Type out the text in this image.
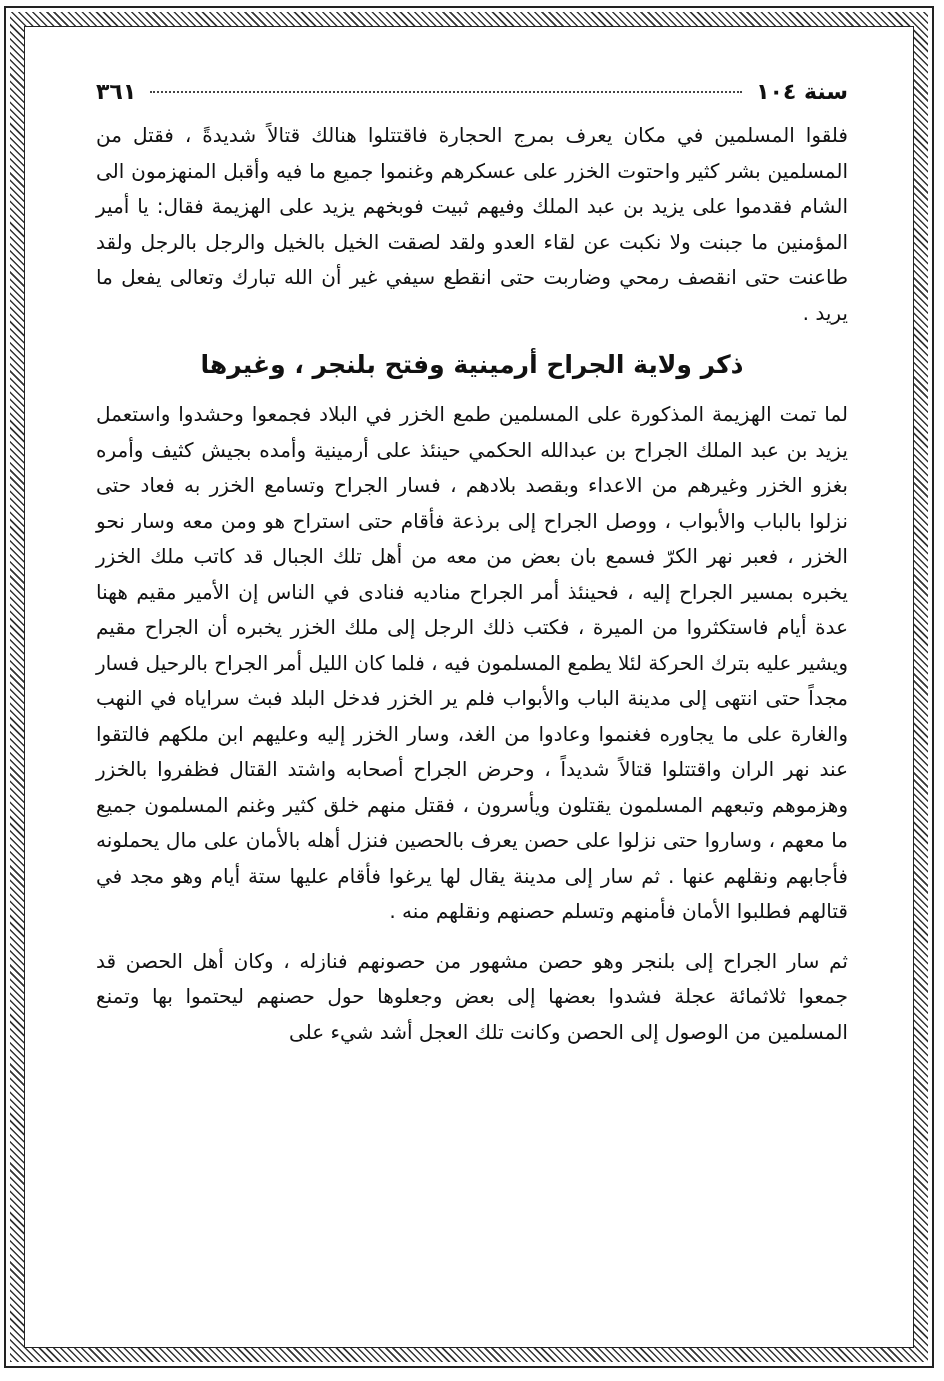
سنة ١٠٤
٣٦١

فلقوا المسلمين في مكان يعرف بمرج الحجارة فاقتتلوا هنالك قتالاً شديدةً ، فقتل من المسلمين بشر كثير واحتوت الخزر على عسكرهم وغنموا جميع ما فيه وأقبل المنهزمون الى الشام فقدموا على يزيد بن عبد الملك وفيهم ثبيت فوبخهم يزيد على الهزيمة فقال: يا أمير المؤمنين ما جبنت ولا نكبت عن لقاء العدو ولقد لصقت الخيل بالخيل والرجل بالرجل ولقد طاعنت حتى انقصف رمحي وضاربت حتى انقطع سيفي غير أن الله تبارك وتعالى يفعل ما يريد .

ذكر ولاية الجراح أرمينية وفتح بلنجر ، وغيرها

لما تمت الهزيمة المذكورة على المسلمين طمع الخزر في البلاد فجمعوا وحشدوا واستعمل يزيد بن عبد الملك الجراح بن عبدالله الحكمي حينئذ على أرمينية وأمده بجيش كثيف وأمره بغزو الخزر وغيرهم من الاعداء وبقصد بلادهم ، فسار الجراح وتسامع الخزر به فعاد حتى نزلوا بالباب والأبواب ، ووصل الجراح إلى برذعة فأقام حتى استراح هو ومن معه وسار نحو الخزر ، فعبر نهر الكرّ فسمع بان بعض من معه من أهل تلك الجبال قد كاتب ملك الخزر يخبره بمسير الجراح إليه ، فحينئذ أمر الجراح مناديه فنادى في الناس إن الأمير مقيم ههنا عدة أيام فاستكثروا من الميرة ، فكتب ذلك الرجل إلى ملك الخزر يخبره أن الجراح مقيم ويشير عليه بترك الحركة لئلا يطمع المسلمون فيه ، فلما كان الليل أمر الجراح بالرحيل فسار مجداً حتى انتهى إلى مدينة الباب والأبواب فلم ير الخزر فدخل البلد فبث سراياه في النهب والغارة على ما يجاوره فغنموا وعادوا من الغد، وسار الخزر إليه وعليهم ابن ملكهم فالتقوا عند نهر الران واقتتلوا قتالاً شديداً ، وحرض الجراح أصحابه واشتد القتال فظفروا بالخزر وهزموهم وتبعهم المسلمون يقتلون ويأسرون ، فقتل منهم خلق كثير وغنم المسلمون جميع ما معهم ، وساروا حتى نزلوا على حصن يعرف بالحصين فنزل أهله بالأمان على مال يحملونه فأجابهم ونقلهم عنها . ثم سار إلى مدينة يقال لها يرغوا فأقام عليها ستة أيام وهو مجد في قتالهم فطلبوا الأمان فأمنهم وتسلم حصنهم ونقلهم منه .

ثم سار الجراح إلى بلنجر وهو حصن مشهور من حصونهم فنازله ، وكان أهل الحصن قد جمعوا ثلاثمائة عجلة فشدوا بعضها إلى بعض وجعلوها حول حصنهم ليحتموا بها وتمنع المسلمين من الوصول إلى الحصن وكانت تلك العجل أشد شيء على
